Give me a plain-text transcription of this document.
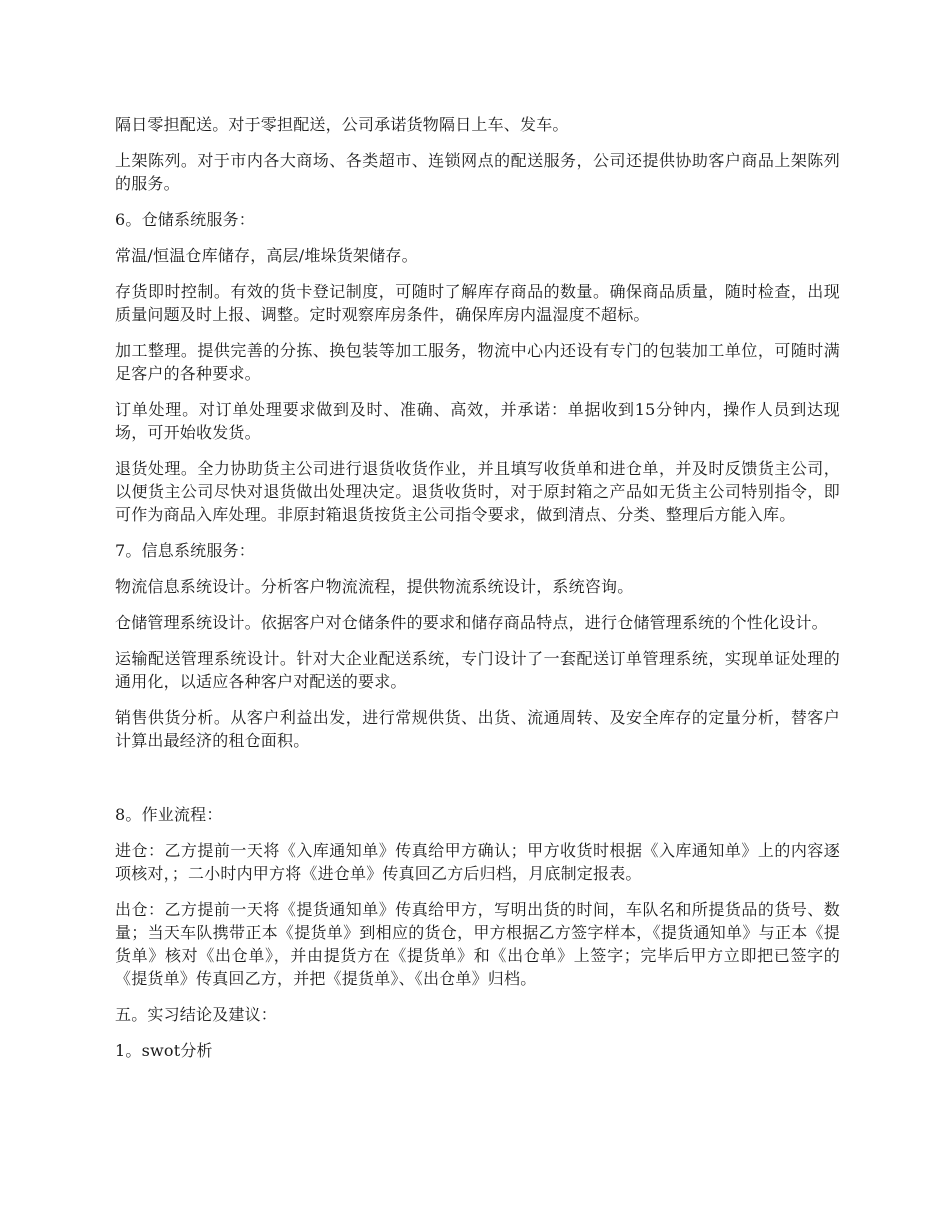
隔日零担配送。对于零担配送，公司承诺货物隔日上车、发车。

上架陈列。对于市内各大商场、各类超市、连锁网点的配送服务，公司还提供协助客户商品上架陈列的服务。

6。仓储系统服务：

常温/恒温仓库储存，高层/堆垛货架储存。

存货即时控制。有效的货卡登记制度，可随时了解库存商品的数量。确保商品质量，随时检查，出现质量问题及时上报、调整。定时观察库房条件，确保库房内温湿度不超标。

加工整理。提供完善的分拣、换包装等加工服务，物流中心内还设有专门的包装加工单位，可随时满足客户的各种要求。

订单处理。对订单处理要求做到及时、准确、高效，并承诺：单据收到15分钟内，操作人员到达现场，可开始收发货。

退货处理。全力协助货主公司进行退货收货作业，并且填写收货单和进仓单，并及时反馈货主公司，以便货主公司尽快对退货做出处理决定。退货收货时，对于原封箱之产品如无货主公司特别指令，即可作为商品入库处理。非原封箱退货按货主公司指令要求，做到清点、分类、整理后方能入库。

7。信息系统服务：

物流信息系统设计。分析客户物流流程，提供物流系统设计，系统咨询。

仓储管理系统设计。依据客户对仓储条件的要求和储存商品特点，进行仓储管理系统的个性化设计。

运输配送管理系统设计。针对大企业配送系统，专门设计了一套配送订单管理系统，实现单证处理的通用化，以适应各种客户对配送的要求。

销售供货分析。从客户利益出发，进行常规供货、出货、流通周转、及安全库存的定量分析，替客户计算出最经济的租仓面积。

8。作业流程：

进仓：乙方提前一天将《入库通知单》传真给甲方确认；甲方收货时根据《入库通知单》上的内容逐项核对，；二小时内甲方将《进仓单》传真回乙方后归档，月底制定报表。

出仓：乙方提前一天将《提货通知单》传真给甲方，写明出货的时间，车队名和所提货品的货号、数量；当天车队携带正本《提货单》到相应的货仓，甲方根据乙方签字样本，《提货通知单》与正本《提货单》核对《出仓单》，并由提货方在《提货单》和《出仓单》上签字；完毕后甲方立即把已签字的《提货单》传真回乙方，并把《提货单》、《出仓单》归档。

五。实习结论及建议：

1。swot分析
